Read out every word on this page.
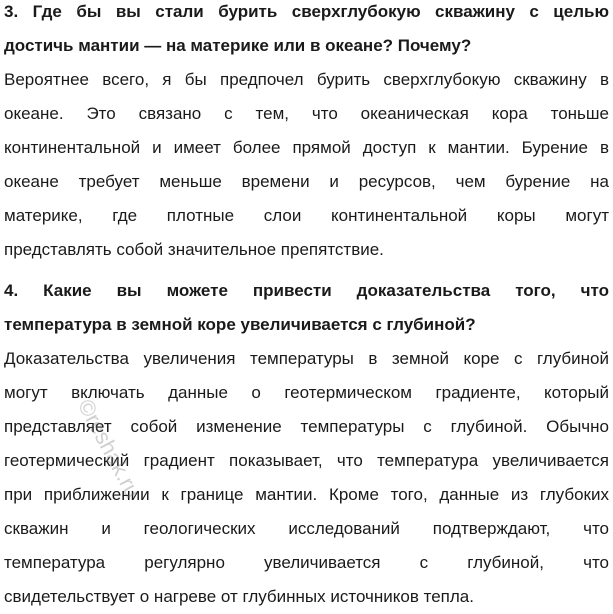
3. Где бы вы стали бурить сверхглубокую скважину с целью
достичь мантии — на материке или в океане? Почему?
Вероятнее всего, я бы предпочел бурить сверхглубокую скважину в
океане. Это связано с тем, что океаническая кора тоньше
континентальной и имеет более прямой доступ к мантии. Бурение в
океане требует меньше времени и ресурсов, чем бурение на
материке, где плотные слои континентальной коры могут
представлять собой значительное препятствие.
4. Какие вы можете привести доказательства того, что
температура в земной коре увеличивается с глубиной?
Доказательства увеличения температуры в земной коре с глубиной
могут включать данные о геотермическом градиенте, который
представляет собой изменение температуры с глубиной. Обычно
геотермический градиент показывает, что температура увеличивается
при приближении к границе мантии. Кроме того, данные из глубоких
скважин и геологических исследований подтверждают, что
температура регулярно увеличивается с глубиной, что
свидетельствует о нагреве от глубинных источников тепла.
©reshak.ru
